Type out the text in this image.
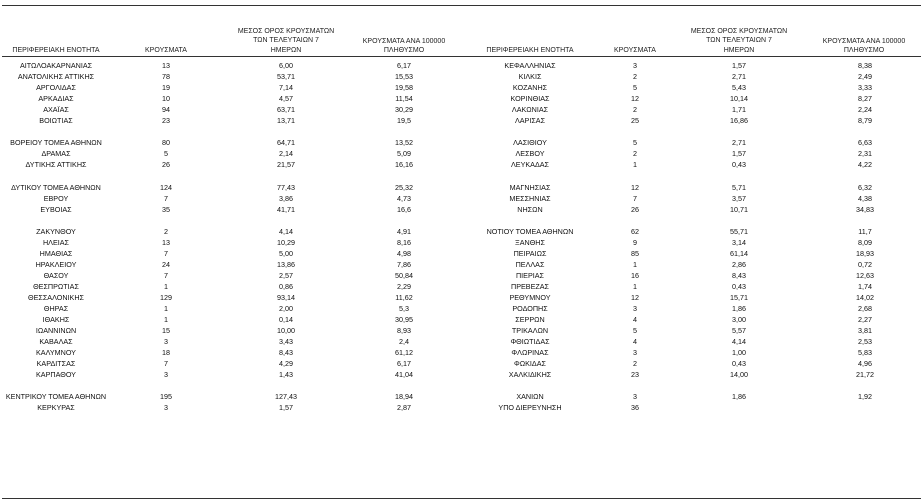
ΠΕΡΙΦΕΡΕΙΑΚΗ ΕΝΟΤΗΤΑ	ΚΡΟΥΣΜΑΤΑ
ΜΕΣΟΣ ΟΡΟΣ ΚΡΟΥΣΜΑΤΩΝ
ΤΩΝ ΤΕΛΕΥΤΑΙΩΝ 7
ΗΜΕΡΩΝ
ΚΡΟΥΣΜΑΤΑ ΑΝΑ 100000
ΠΛΗΘΥΣΜΟ
ΑΙΤΩΛΟΑΚΑΡΝΑΝΙΑΣ	13	6,00	6,17
ΑΝΑΤΟΛΙΚΗΣ ΑΤΤΙΚΗΣ	78	53,71	15,53
ΑΡΓΟΛΙΔΑΣ	19	7,14	19,58
ΑΡΚΑΔΙΑΣ	10	4,57	11,54
ΑΧΑΪΑΣ	94	63,71	30,29
ΒΟΙΩΤΙΑΣ	23	13,71	19,5
ΒΟΡΕΙΟΥ ΤΟΜΕΑ ΑΘΗΝΩΝ	80	64,71	13,52
ΔΡΑΜΑΣ	5	2,14	5,09
ΔΥΤΙΚΗΣ ΑΤΤΙΚΗΣ	26	21,57	16,16
ΔΥΤΙΚΟΥ ΤΟΜΕΑ ΑΘΗΝΩΝ	124	77,43	25,32
ΕΒΡΟΥ	7	3,86	4,73
ΕΥΒΟΙΑΣ	35	41,71	16,6
ΖΑΚΥΝΘΟΥ	2	4,14	4,91
ΗΛΕΙΑΣ	13	10,29	8,16
ΗΜΑΘΙΑΣ	7	5,00	4,98
ΗΡΑΚΛΕΙΟΥ	24	13,86	7,86
ΘΑΣΟΥ	7	2,57	50,84
ΘΕΣΠΡΩΤΙΑΣ	1	0,86	2,29
ΘΕΣΣΑΛΟΝΙΚΗΣ	129	93,14	11,62
ΘΗΡΑΣ	1	2,00	5,3
ΙΘΑΚΗΣ	1	0,14	30,95
ΙΩΑΝΝΙΝΩΝ	15	10,00	8,93
ΚΑΒΑΛΑΣ	3	3,43	2,4
ΚΑΛΥΜΝΟΥ	18	8,43	61,12
ΚΑΡΔΙΤΣΑΣ	7	4,29	6,17
ΚΑΡΠΑΘΟΥ	3	1,43	41,04
ΚΕΝΤΡΙΚΟΥ ΤΟΜΕΑ ΑΘΗΝΩΝ	195	127,43	18,94
ΚΕΡΚΥΡΑΣ	3	1,57	2,87
ΠΕΡΙΦΕΡΕΙΑΚΗ ΕΝΟΤΗΤΑ	ΚΡΟΥΣΜΑΤΑ
ΜΕΣΟΣ ΟΡΟΣ ΚΡΟΥΣΜΑΤΩΝ
ΤΩΝ ΤΕΛΕΥΤΑΙΩΝ 7
ΗΜΕΡΩΝ
ΚΡΟΥΣΜΑΤΑ ΑΝΑ 100000
ΠΛΗΘΥΣΜΟ
ΚΕΦΑΛΛΗΝΙΑΣ	3	1,57	8,38
ΚΙΛΚΙΣ	2	2,71	2,49
ΚΟΖΑΝΗΣ	5	5,43	3,33
ΚΟΡΙΝΘΙΑΣ	12	10,14	8,27
ΛΑΚΩΝΙΑΣ	2	1,71	2,24
ΛΑΡΙΣΑΣ	25	16,86	8,79
ΛΑΣΙΘΙΟΥ	5	2,71	6,63
ΛΕΣΒΟΥ	2	1,57	2,31
ΛΕΥΚΑΔΑΣ	1	0,43	4,22
ΜΑΓΝΗΣΙΑΣ	12	5,71	6,32
ΜΕΣΣΗΝΙΑΣ	7	3,57	4,38
ΝΗΣΩΝ	26	10,71	34,83
ΝΟΤΙΟΥ ΤΟΜΕΑ ΑΘΗΝΩΝ	62	55,71	11,7
ΞΑΝΘΗΣ	9	3,14	8,09
ΠΕΙΡΑΙΩΣ	85	61,14	18,93
ΠΕΛΛΑΣ	1	2,86	0,72
ΠΙΕΡΙΑΣ	16	8,43	12,63
ΠΡΕΒΕΖΑΣ	1	0,43	1,74
ΡΕΘΥΜΝΟΥ	12	15,71	14,02
ΡΟΔΟΠΗΣ	3	1,86	2,68
ΣΕΡΡΩΝ	4	3,00	2,27
ΤΡΙΚΑΛΩΝ	5	5,57	3,81
ΦΘΙΩΤΙΔΑΣ	4	4,14	2,53
ΦΛΩΡΙΝΑΣ	3	1,00	5,83
ΦΩΚΙΔΑΣ	2	0,43	4,96
ΧΑΛΚΙΔΙΚΗΣ	23	14,00	21,72
ΧΑΝΙΩΝ	3	1,86	1,92
ΥΠΟ ΔΙΕΡΕΥΝΗΣΗ	36
